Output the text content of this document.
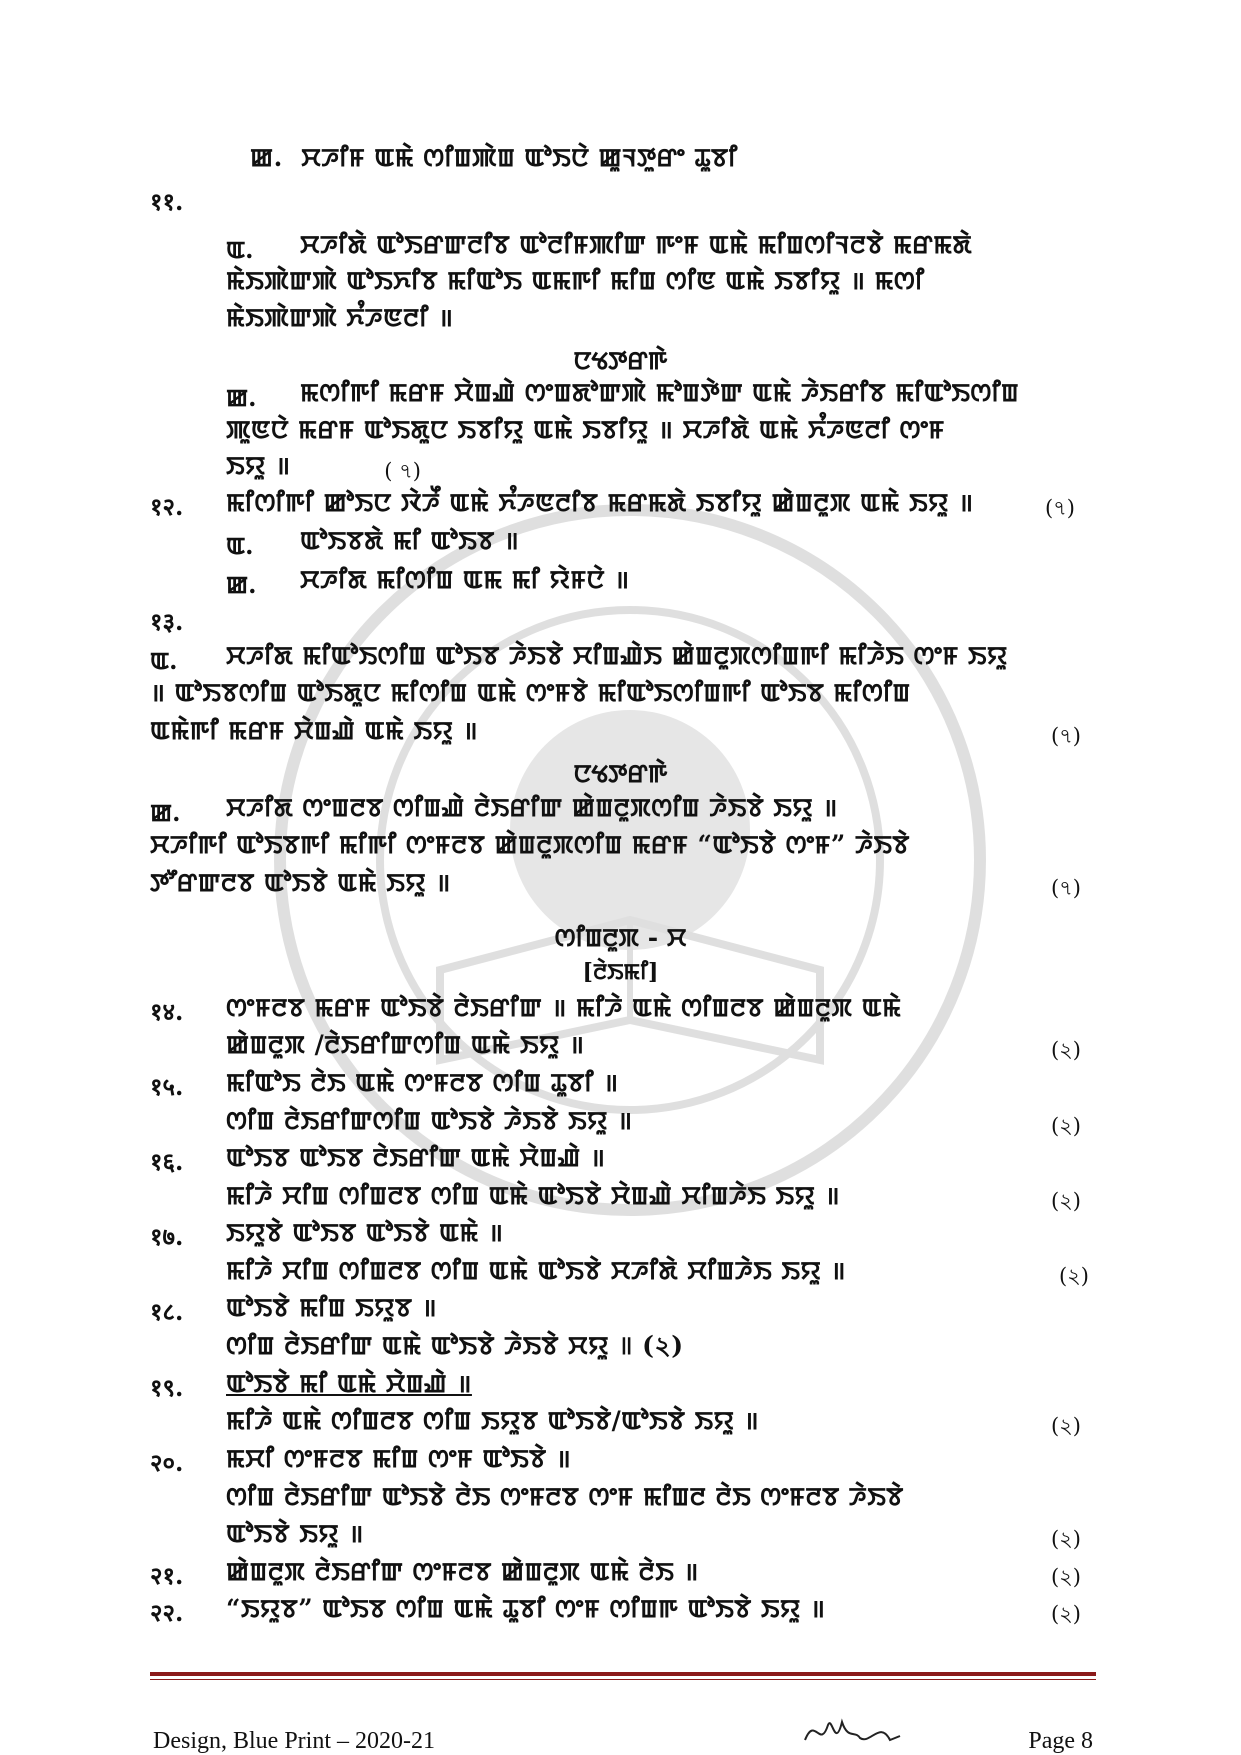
ꯀ. ꯆꯍꯤꯝ ꯑꯃꯥ ꯁꯤꯡꯄꯥꯡ ꯑꯣꯏꯅꯥ ꯀꯨꯜꯇꯨꯔꯦ ꯊꯨꯕꯤ
११.
ꯑ. ꯆꯍꯤꯗꯥ ꯑꯣꯏꯔꯛꯂꯤꯕ ꯑꯣꯂꯤꯝꯄꯤꯛ ꯒꯦꯝ ꯑꯃꯥ ꯃꯤꯡꯁꯤꯜꯂꯕꯥ ꯃꯔꯃꯗꯥ
ꯃꯥꯏꯄꯥꯛꯄꯥ ꯑꯣꯏꯈꯤꯕ ꯃꯤꯑꯣꯏ ꯑꯃꯒꯤ ꯃꯤꯡ ꯁꯤꯟ ꯑꯃꯥ ꯏꯕꯤꯌꯨ ॥ ꯃꯁꯤ
ꯃꯥꯏꯄꯥꯛꯄꯥ ꯈꯪꯍꯟꯂꯤ ॥
ꯅꯠꯇꯔꯒꯥ
ꯀ. ꯃꯁꯤꯒꯤ ꯃꯔꯝ ꯆꯥꯡꯉꯥ ꯁꯦꯡꯗꯣꯛꯄꯥ ꯃꯣꯡꯇꯥꯛ ꯑꯃꯥ ꯍꯥꯏꯔꯤꯕ ꯃꯤꯑꯣꯏꯁꯤꯡ
ꯄꯨꯟꯅꯥ ꯃꯔꯝ ꯑꯣꯏꯗꯨꯅ ꯏꯕꯤꯌꯨ ꯑꯃꯥ ꯏꯕꯤꯌꯨ ॥ ꯆꯍꯤꯗꯥ ꯑꯃꯥ ꯈꯪꯍꯟꯂꯤ ꯁꯦꯝ
ꯏꯌꯨ ॥	( ৭)
१२. ꯃꯤꯁꯤꯒꯤ ꯀꯣꯏꯅ ꯋꯥꯍꯩ ꯑꯃꯥ ꯈꯪꯍꯟꯂꯤꯕ ꯃꯔꯃꯗꯥ ꯏꯕꯤꯌꯨ ꯀꯥꯡꯂꯨꯞ ꯑꯃꯥ ꯏꯌꯨ ॥	(৭)
ꯑ. ꯑꯣꯏꯕꯗꯥ ꯃꯤ ꯑꯣꯏꯕ ॥
ꯀ. ꯆꯍꯤꯗ ꯃꯤꯁꯤꯡ ꯑꯃ ꯃꯤ ꯌꯥꯝꯅꯥ ॥
१३.
ꯑ. ꯆꯍꯤꯗ ꯃꯤꯑꯣꯏꯁꯤꯡ ꯑꯣꯏꯕ ꯍꯥꯏꯕꯥ ꯆꯤꯡꯉꯥꯏ ꯀꯥꯡꯂꯨꯞꯁꯤꯡꯒꯤ ꯃꯤꯍꯥꯏ ꯁꯦꯝ ꯏꯌꯨ
॥ ꯑꯣꯏꯕꯁꯤꯡ ꯑꯣꯏꯗꯨꯅ ꯃꯤꯁꯤꯡ ꯑꯃꯥ ꯁꯦꯝꯕꯥ ꯃꯤꯑꯣꯏꯁꯤꯡꯒꯤ ꯑꯣꯏꯕ ꯃꯤꯁꯤꯡ
ꯑꯃꯥꯒꯤ ꯃꯔꯝ ꯆꯥꯡꯉꯥ ꯑꯃꯥ ꯏꯌꯨ ॥	(৭)
ꯅꯠꯇꯔꯒꯥ
ꯀ. ꯆꯍꯤꯗ ꯁꯦꯡꯂꯕ ꯁꯤꯡꯉꯥ ꯂꯥꯏꯔꯤꯛ ꯀꯥꯡꯂꯨꯞꯁꯤꯡ ꯍꯥꯏꯕꯥ ꯏꯌꯨ ॥
ꯆꯍꯤꯒꯤ ꯑꯣꯏꯕꯒꯤ ꯃꯤꯒꯤ ꯁꯦꯝꯂꯕ ꯀꯥꯡꯂꯨꯞꯁꯤꯡ ꯃꯔꯝ “ꯑꯣꯏꯕꯥ ꯁꯦꯝ” ꯍꯥꯏꯕꯥ
ꯇꯧꯔꯛꯂꯕ ꯑꯣꯏꯕꯥ ꯑꯃꯥ ꯏꯌꯨ ॥	(৭)
ꯁꯤꯡꯂꯨꯞ - ꯆ
[ꯂꯥꯏꯃꯤ]
१४. ꯁꯦꯝꯂꯕ ꯃꯔꯝ ꯑꯣꯏꯕꯥ ꯂꯥꯏꯔꯤꯛ ॥ ꯃꯤꯍꯥ ꯑꯃꯥ ꯁꯤꯡꯂꯕ ꯀꯥꯡꯂꯨꯞ ꯑꯃꯥ
ꯀꯥꯡꯂꯨꯞ /ꯂꯥꯏꯔꯤꯛꯁꯤꯡ ꯑꯃꯥ ꯏꯌꯨ ॥	(২)
१५. ꯃꯤꯑꯣꯏ ꯂꯥꯏ ꯑꯃꯥ ꯁꯦꯝꯂꯕ ꯁꯤꯡ ꯊꯨꯕꯤ ॥
ꯁꯤꯡ ꯂꯥꯏꯔꯤꯛꯁꯤꯡ ꯑꯣꯏꯕꯥ ꯍꯥꯏꯕꯥ ꯏꯌꯨ ॥	(২)
१६. ꯑꯣꯏꯕ ꯑꯣꯏꯕ ꯂꯥꯏꯔꯤꯛ ꯑꯃꯥ ꯆꯥꯡꯉꯥ ॥
ꯃꯤꯍꯥ ꯆꯤꯡ ꯁꯤꯡꯂꯕ ꯁꯤꯡ ꯑꯃꯥ ꯑꯣꯏꯕꯥ ꯆꯥꯡꯉꯥ ꯆꯤꯡꯍꯥꯏ ꯏꯌꯨ ॥	(২)
१७. ꯏꯌꯨꯕꯥ ꯑꯣꯏꯕ ꯑꯣꯏꯕꯥ ꯑꯃꯥ ॥
ꯃꯤꯍꯥ ꯆꯤꯡ ꯁꯤꯡꯂꯕ ꯁꯤꯡ ꯑꯃꯥ ꯑꯣꯏꯕꯥ ꯆꯍꯤꯗꯥ ꯆꯤꯡꯍꯥꯏ ꯏꯌꯨ ॥	(২)
१८. ꯑꯣꯏꯕꯥ ꯃꯤꯡ ꯏꯌꯨꯕ ॥
ꯁꯤꯡ ꯂꯥꯏꯔꯤꯛ ꯑꯃꯥ ꯑꯣꯏꯕꯥ ꯍꯥꯏꯕꯥ ꯆꯌꯨ ॥ (২)
१९. ꯑꯣꯏꯕꯥ ꯃꯤ ꯑꯃꯥ ꯆꯥꯡꯉꯥ ॥
ꯃꯤꯍꯥ ꯑꯃꯥ ꯁꯤꯡꯂꯕ ꯁꯤꯡ ꯏꯌꯨꯕ ꯑꯣꯏꯕꯥ/ꯑꯣꯏꯕꯥ ꯏꯌꯨ ॥	(২)
२०. ꯃꯆꯤ ꯁꯦꯝꯂꯕ ꯃꯤꯡ ꯁꯦꯝ ꯑꯣꯏꯕꯥ ॥
ꯁꯤꯡ ꯂꯥꯏꯔꯤꯛ ꯑꯣꯏꯕꯥ ꯂꯥꯏ ꯁꯦꯝꯂꯕ ꯁꯦꯝ ꯃꯤꯡꯂ ꯂꯥꯏ ꯁꯦꯝꯂꯕ ꯍꯥꯏꯕꯥ
ꯑꯣꯏꯕꯥ ꯏꯌꯨ ॥	(২)
२१. ꯀꯥꯡꯂꯨꯞ ꯂꯥꯏꯔꯤꯛ ꯁꯦꯝꯂꯕ ꯀꯥꯡꯂꯨꯞ ꯑꯃꯥ ꯂꯥꯏ ॥	(২)
२२. “ꯏꯌꯨꯕ” ꯑꯣꯏꯕ ꯁꯤꯡ ꯑꯃꯥ ꯊꯨꯕꯤ ꯁꯦꯝ ꯁꯤꯡꯒ ꯑꯣꯏꯕꯥ ꯏꯌꯨ ॥	(২)
Design, Blue Print – 2020-21	Page 8
